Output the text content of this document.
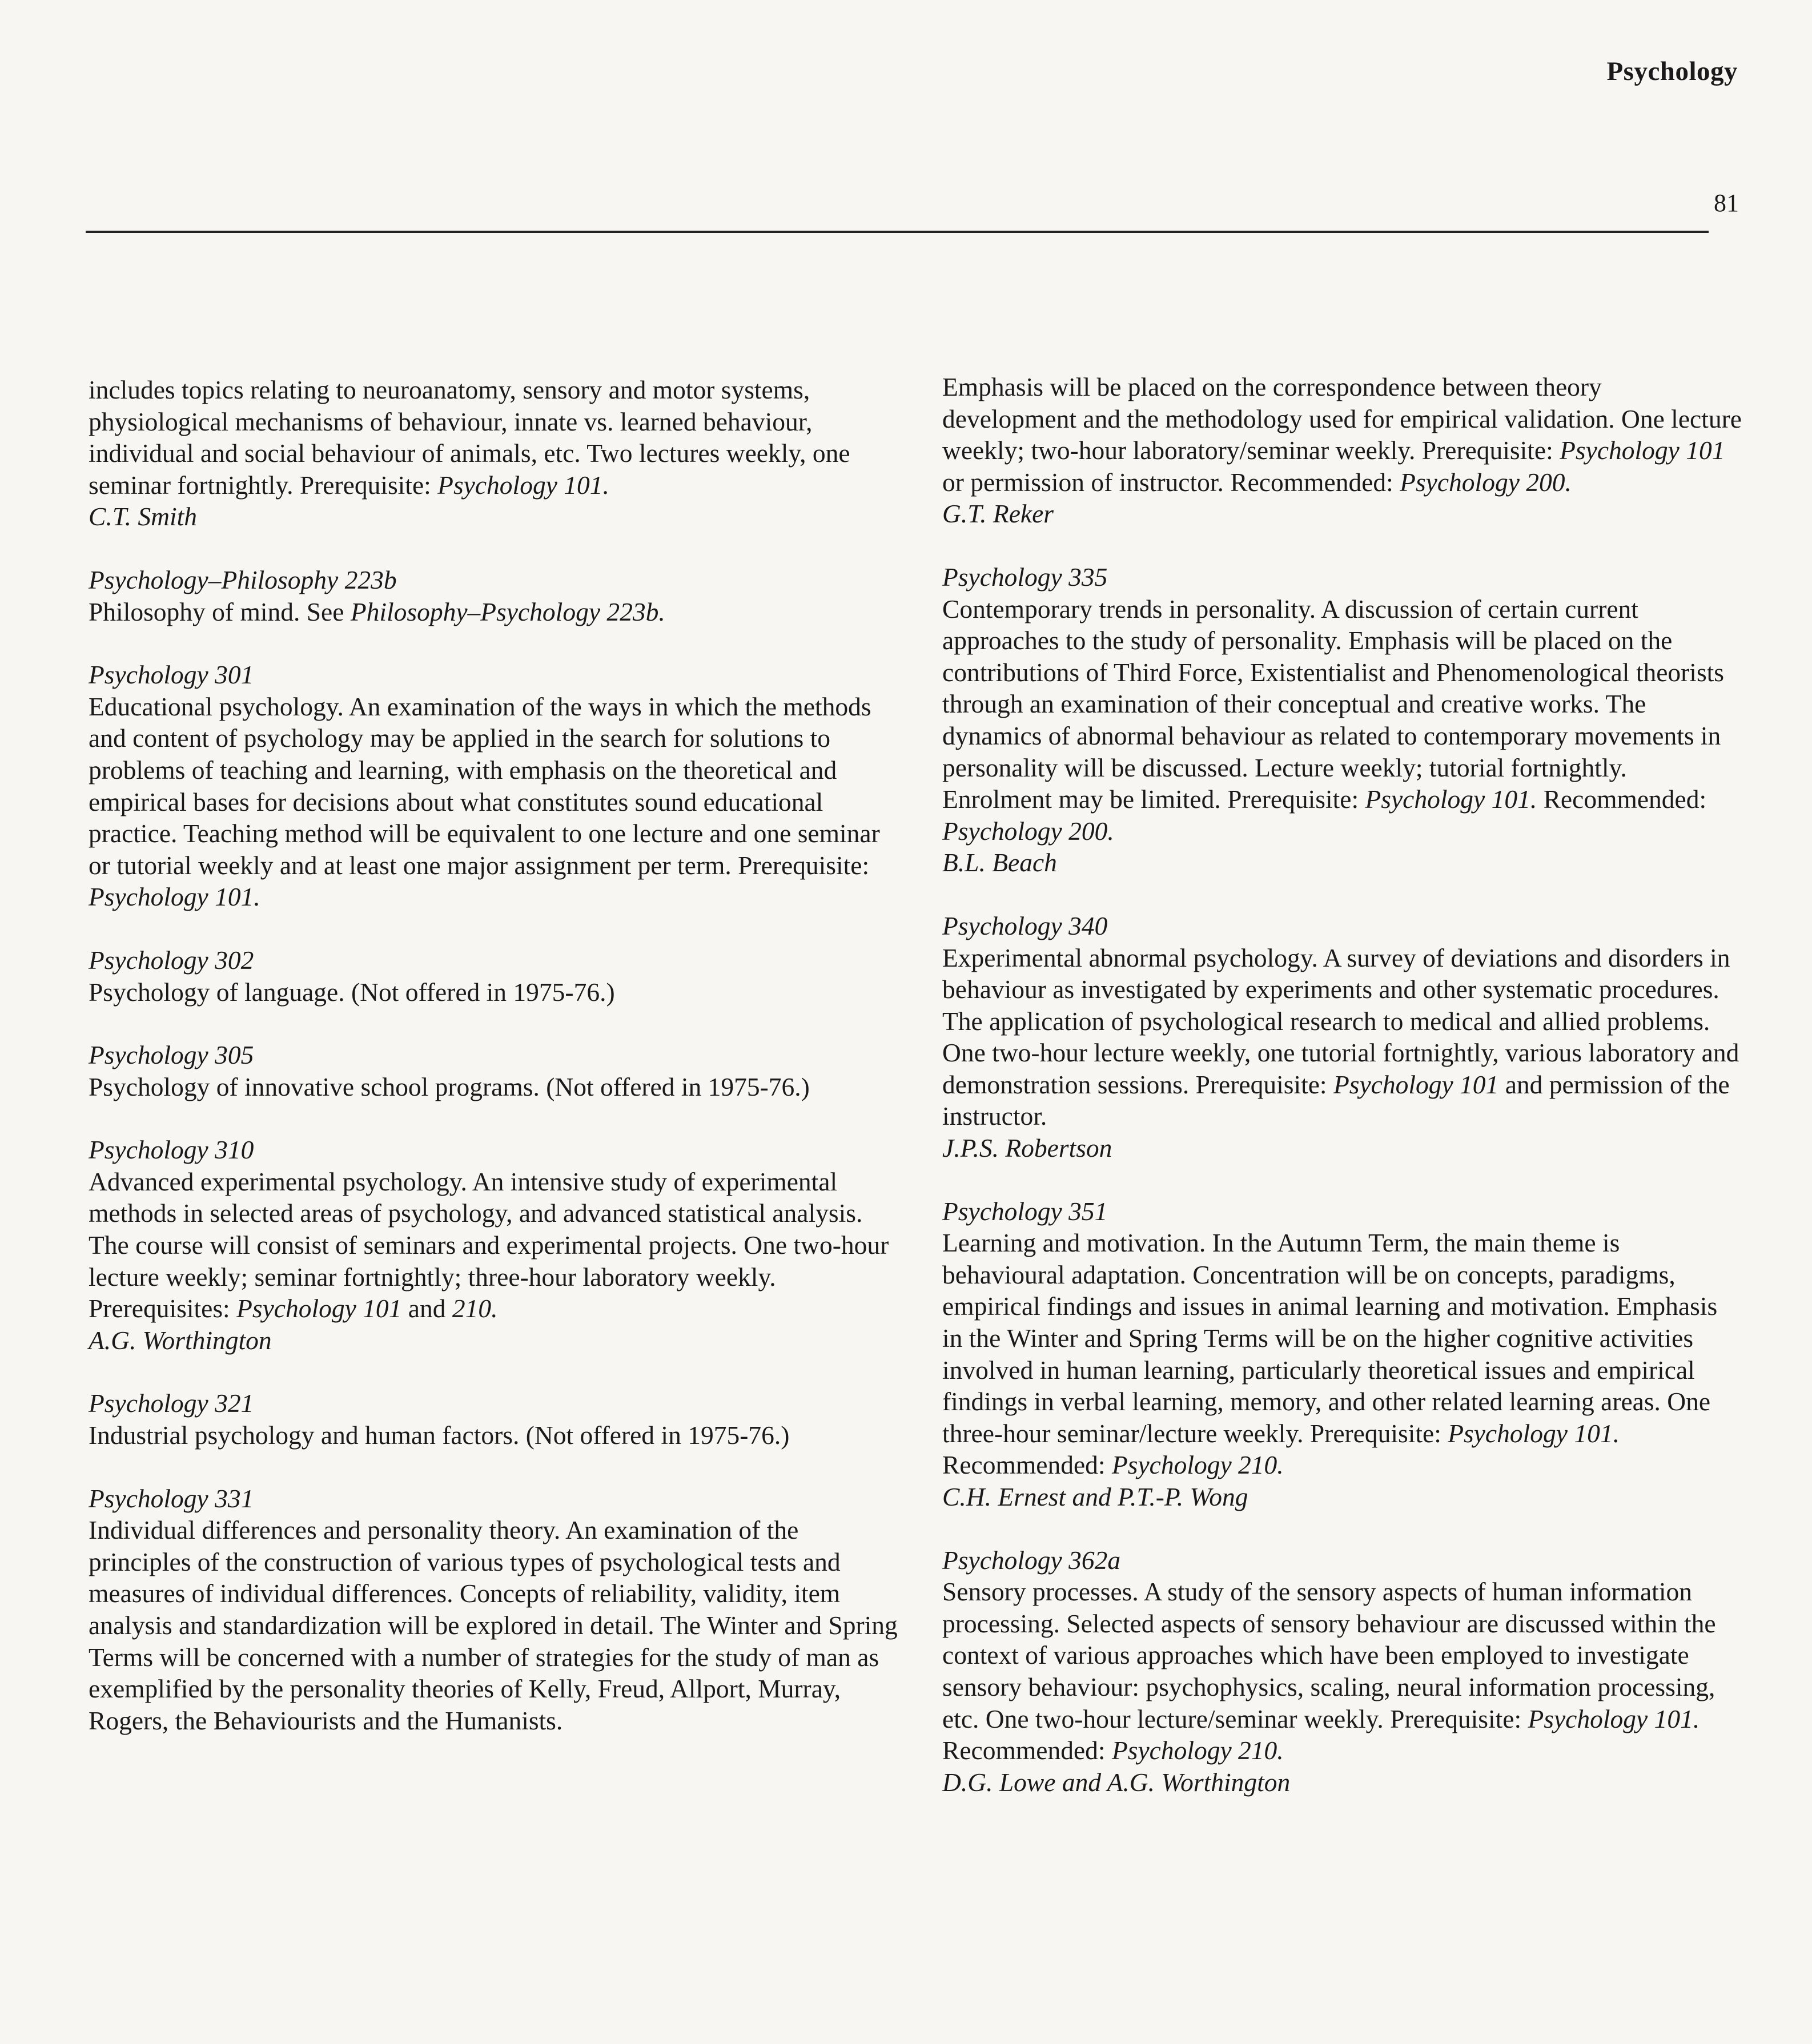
Psychology
81

includes topics relating to neuroanatomy, sensory and motor systems, physiological mechanisms of behaviour, innate vs. learned behaviour, individual and social behaviour of animals, etc. Two lectures weekly, one seminar fortnightly. Prerequisite: Psychology 101.

C.T. Smith

Psychology–Philosophy 223b

Philosophy of mind. See Philosophy–Psychology 223b.

Psychology 301

Educational psychology. An examination of the ways in which the methods and content of psychology may be applied in the search for solutions to problems of teaching and learning, with emphasis on the theoretical and empirical bases for decisions about what constitutes sound educational practice. Teaching method will be equivalent to one lecture and one seminar or tutorial weekly and at least one major assignment per term. Prerequisite: Psychology 101.

Psychology 302

Psychology of language. (Not offered in 1975-76.)

Psychology 305

Psychology of innovative school programs. (Not offered in 1975-76.)

Psychology 310

Advanced experimental psychology. An intensive study of experimental methods in selected areas of psychology, and advanced statistical analysis. The course will consist of seminars and experimental projects. One two-hour lecture weekly; seminar fortnightly; three-hour laboratory weekly. Prerequisites: Psychology 101 and 210.

A.G. Worthington

Psychology 321

Industrial psychology and human factors. (Not offered in 1975-76.)

Psychology 331

Individual differences and personality theory. An examination of the principles of the construction of various types of psychological tests and measures of individual differences. Concepts of reliability, validity, item analysis and standardization will be explored in detail. The Winter and Spring Terms will be concerned with a number of strategies for the study of man as exemplified by the personality theories of Kelly, Freud, Allport, Murray, Rogers, the Behaviourists and the Humanists.

Emphasis will be placed on the correspondence between theory development and the methodology used for empirical validation. One lecture weekly; two-hour laboratory/seminar weekly. Prerequisite: Psychology 101 or permission of instructor. Recommended: Psychology 200.

G.T. Reker

Psychology 335

Contemporary trends in personality. A discussion of certain current approaches to the study of personality. Emphasis will be placed on the contributions of Third Force, Existentialist and Phenomenological theorists through an examination of their conceptual and creative works. The dynamics of abnormal behaviour as related to contemporary movements in personality will be discussed. Lecture weekly; tutorial fortnightly. Enrolment may be limited. Prerequisite: Psychology 101. Recommended: Psychology 200.

B.L. Beach

Psychology 340

Experimental abnormal psychology. A survey of deviations and disorders in behaviour as investigated by experiments and other systematic procedures. The application of psychological research to medical and allied problems. One two-hour lecture weekly, one tutorial fortnightly, various laboratory and demonstration sessions. Prerequisite: Psychology 101 and permission of the instructor.

J.P.S. Robertson

Psychology 351

Learning and motivation. In the Autumn Term, the main theme is behavioural adaptation. Concentration will be on concepts, paradigms, empirical findings and issues in animal learning and motivation. Emphasis in the Winter and Spring Terms will be on the higher cognitive activities involved in human learning, particularly theoretical issues and empirical findings in verbal learning, memory, and other related learning areas. One three-hour seminar/lecture weekly. Prerequisite: Psychology 101. Recommended: Psychology 210.

C.H. Ernest and P.T.-P. Wong

Psychology 362a

Sensory processes. A study of the sensory aspects of human information processing. Selected aspects of sensory behaviour are discussed within the context of various approaches which have been employed to investigate sensory behaviour: psychophysics, scaling, neural information processing, etc. One two-hour lecture/seminar weekly. Prerequisite: Psychology 101. Recommended: Psychology 210.

D.G. Lowe and A.G. Worthington
